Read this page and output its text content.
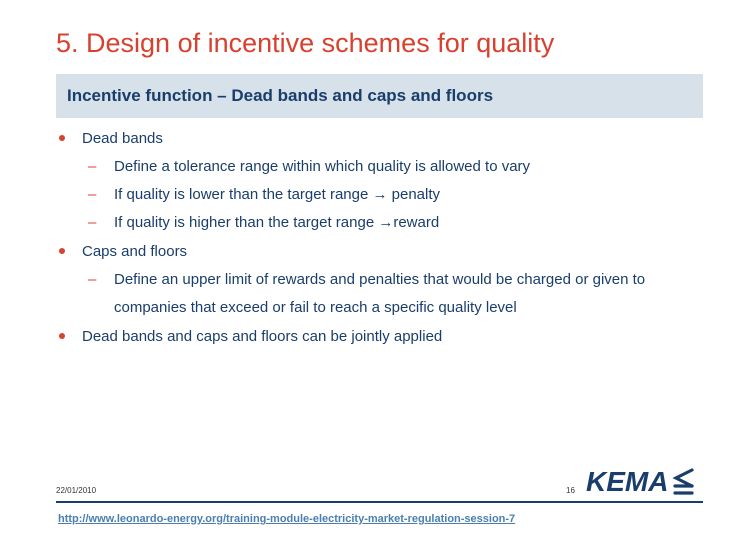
5. Design of incentive schemes for quality
Incentive function – Dead bands and caps and floors
Dead bands
– Define a tolerance range within which quality is allowed to vary
– If quality is lower than the target range → penalty
– If quality is higher than the target range →reward
Caps and floors
– Define an upper limit of rewards and penalties that would be charged or given to
companies that exceed or fail to reach a specific quality level
Dead bands and caps and floors can be jointly applied
22/01/2010	16 KEMA
http://www.leonardo-energy.org/training-module-electricity-market-regulation-session-7
